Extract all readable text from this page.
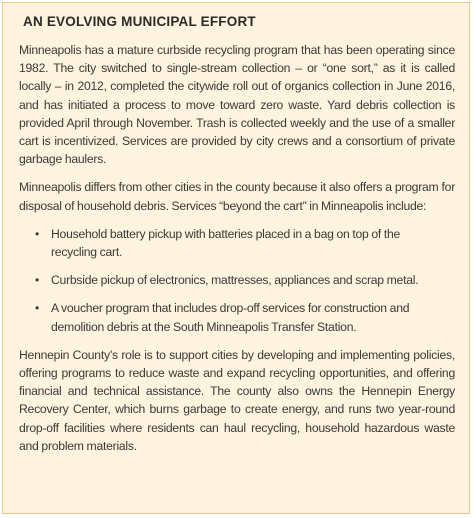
AN EVOLVING MUNICIPAL EFFORT

Minneapolis has a mature curbside recycling program that has been operating since 1982. The city switched to single-stream collection – or “one sort,” as it is called locally – in 2012, completed the citywide roll out of organics collection in June 2016, and has initiated a process to move toward zero waste. Yard debris collection is provided April through November. Trash is collected weekly and the use of a smaller cart is incentivized. Services are provided by city crews and a consortium of private garbage haulers.

Minneapolis differs from other cities in the county because it also offers a program for disposal of household debris. Services “beyond the cart” in Minneapolis include:

• Household battery pickup with batteries placed in a bag on top of the recycling cart.
• Curbside pickup of electronics, mattresses, appliances and scrap metal.
• A voucher program that includes drop-off services for construction and demolition debris at the South Minneapolis Transfer Station.

Hennepin County’s role is to support cities by developing and implementing policies, offering programs to reduce waste and expand recycling opportunities, and offering financial and technical assistance. The county also owns the Hennepin Energy Recovery Center, which burns garbage to create energy, and runs two year-round drop-off facilities where residents can haul recycling, household hazardous waste and problem materials.
